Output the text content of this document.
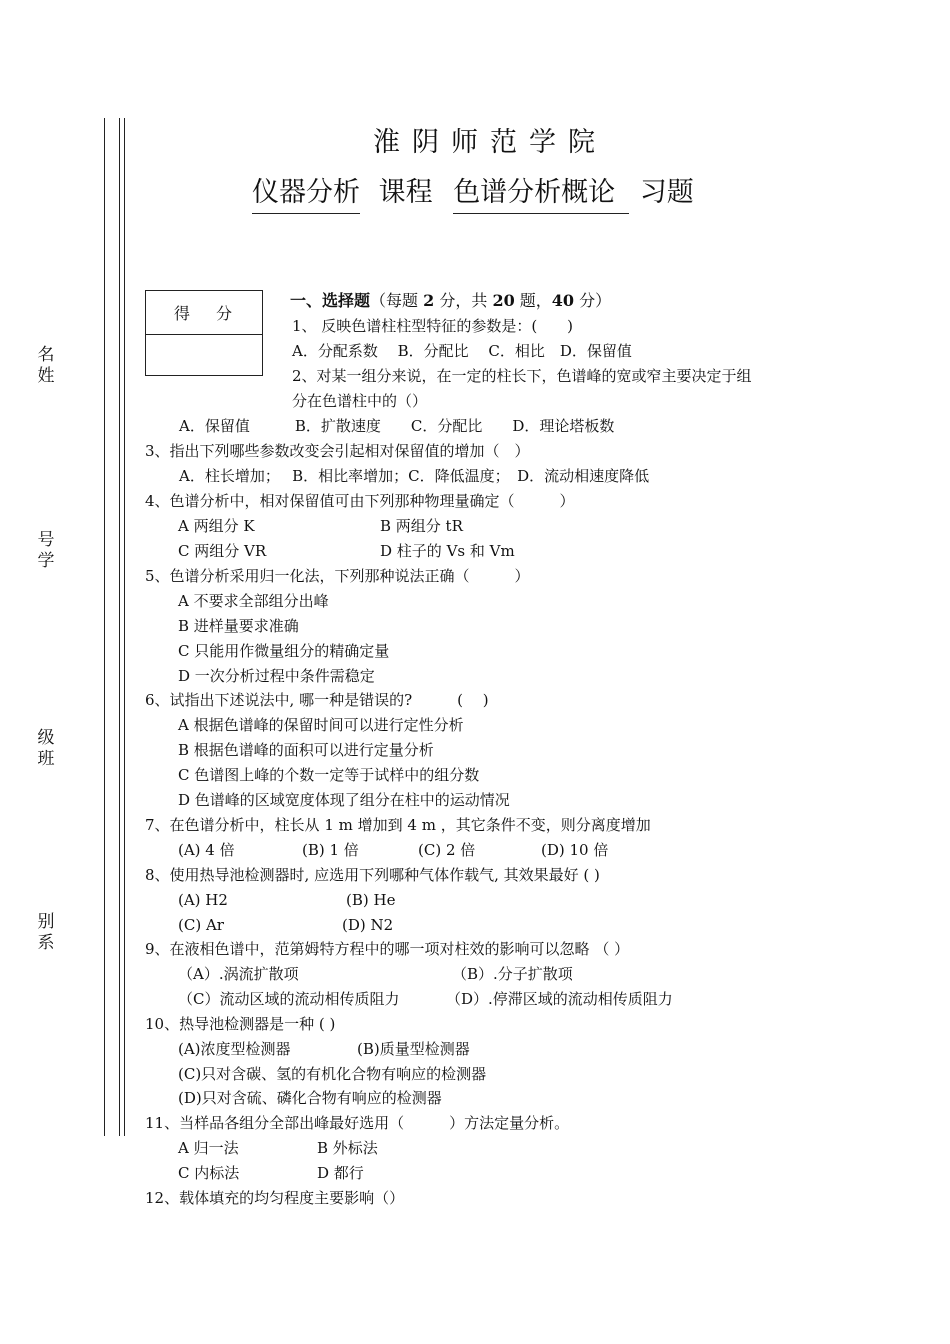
名
姓
号
学
级
班
别
系
淮阴师范学院
仪器分析 课程 色谱分析概论 习题
得分
一、选择题（每题 2 分，共 20 题，40 分）
1、 反映色谱柱柱型特征的参数是：(　　)
A．分配系数　 B．分配比　 C．相比　D．保留值
2、对某一组分来说，在一定的柱长下，色谱峰的宽或窄主要决定于组
分在色谱柱中的（）
A．保留值　　　B．扩散速度　　C．分配比　　D．理论塔板数
3、指出下列哪些参数改变会引起相对保留值的增加（　）
A．柱长增加；　 B．相比率增加；C．降低温度；　D．流动相速度降低
4、色谱分析中，相对保留值可由下列那种物理量确定（　　　）
A 两组分 K	B 两组分 tR
C 两组分 VR	D 柱子的 Vs 和 Vm
5、色谱分析采用归一化法，下列那种说法正确（　　　）
A 不要求全部组分出峰
B 进样量要求准确
C 只能用作微量组分的精确定量
D 一次分析过程中条件需稳定
6、试指出下述说法中, 哪一种是错误的?　　　(　 )
A 根据色谱峰的保留时间可以进行定性分析
B 根据色谱峰的面积可以进行定量分析
C 色谱图上峰的个数一定等于试样中的组分数
D 色谱峰的区域宽度体现了组分在柱中的运动情况
7、在色谱分析中，柱长从 1 m 增加到 4 m ，其它条件不变，则分离度增加
(A) 4 倍	(B) 1 倍	(C) 2 倍	(D) 10 倍
8、使用热导池检测器时, 应选用下列哪种气体作载气, 其效果最好 ( )
(A) H2	(B) He
(C) Ar	(D) N2
9、在液相色谱中，范第姆特方程中的哪一项对柱效的影响可以忽略 （ ）
（A）.涡流扩散项	（B）.分子扩散项
（C）流动区域的流动相传质阻力	（D）.停滞区域的流动相传质阻力
10、热导池检测器是一种 ( )
(A)浓度型检测器	(B)质量型检测器
(C)只对含碳、氢的有机化合物有响应的检测器
(D)只对含硫、磷化合物有响应的检测器
11、当样品各组分全部出峰最好选用（　　　）方法定量分析。
A 归一法	B 外标法
C 内标法	D 都行
12、载体填充的均匀程度主要影响（）
